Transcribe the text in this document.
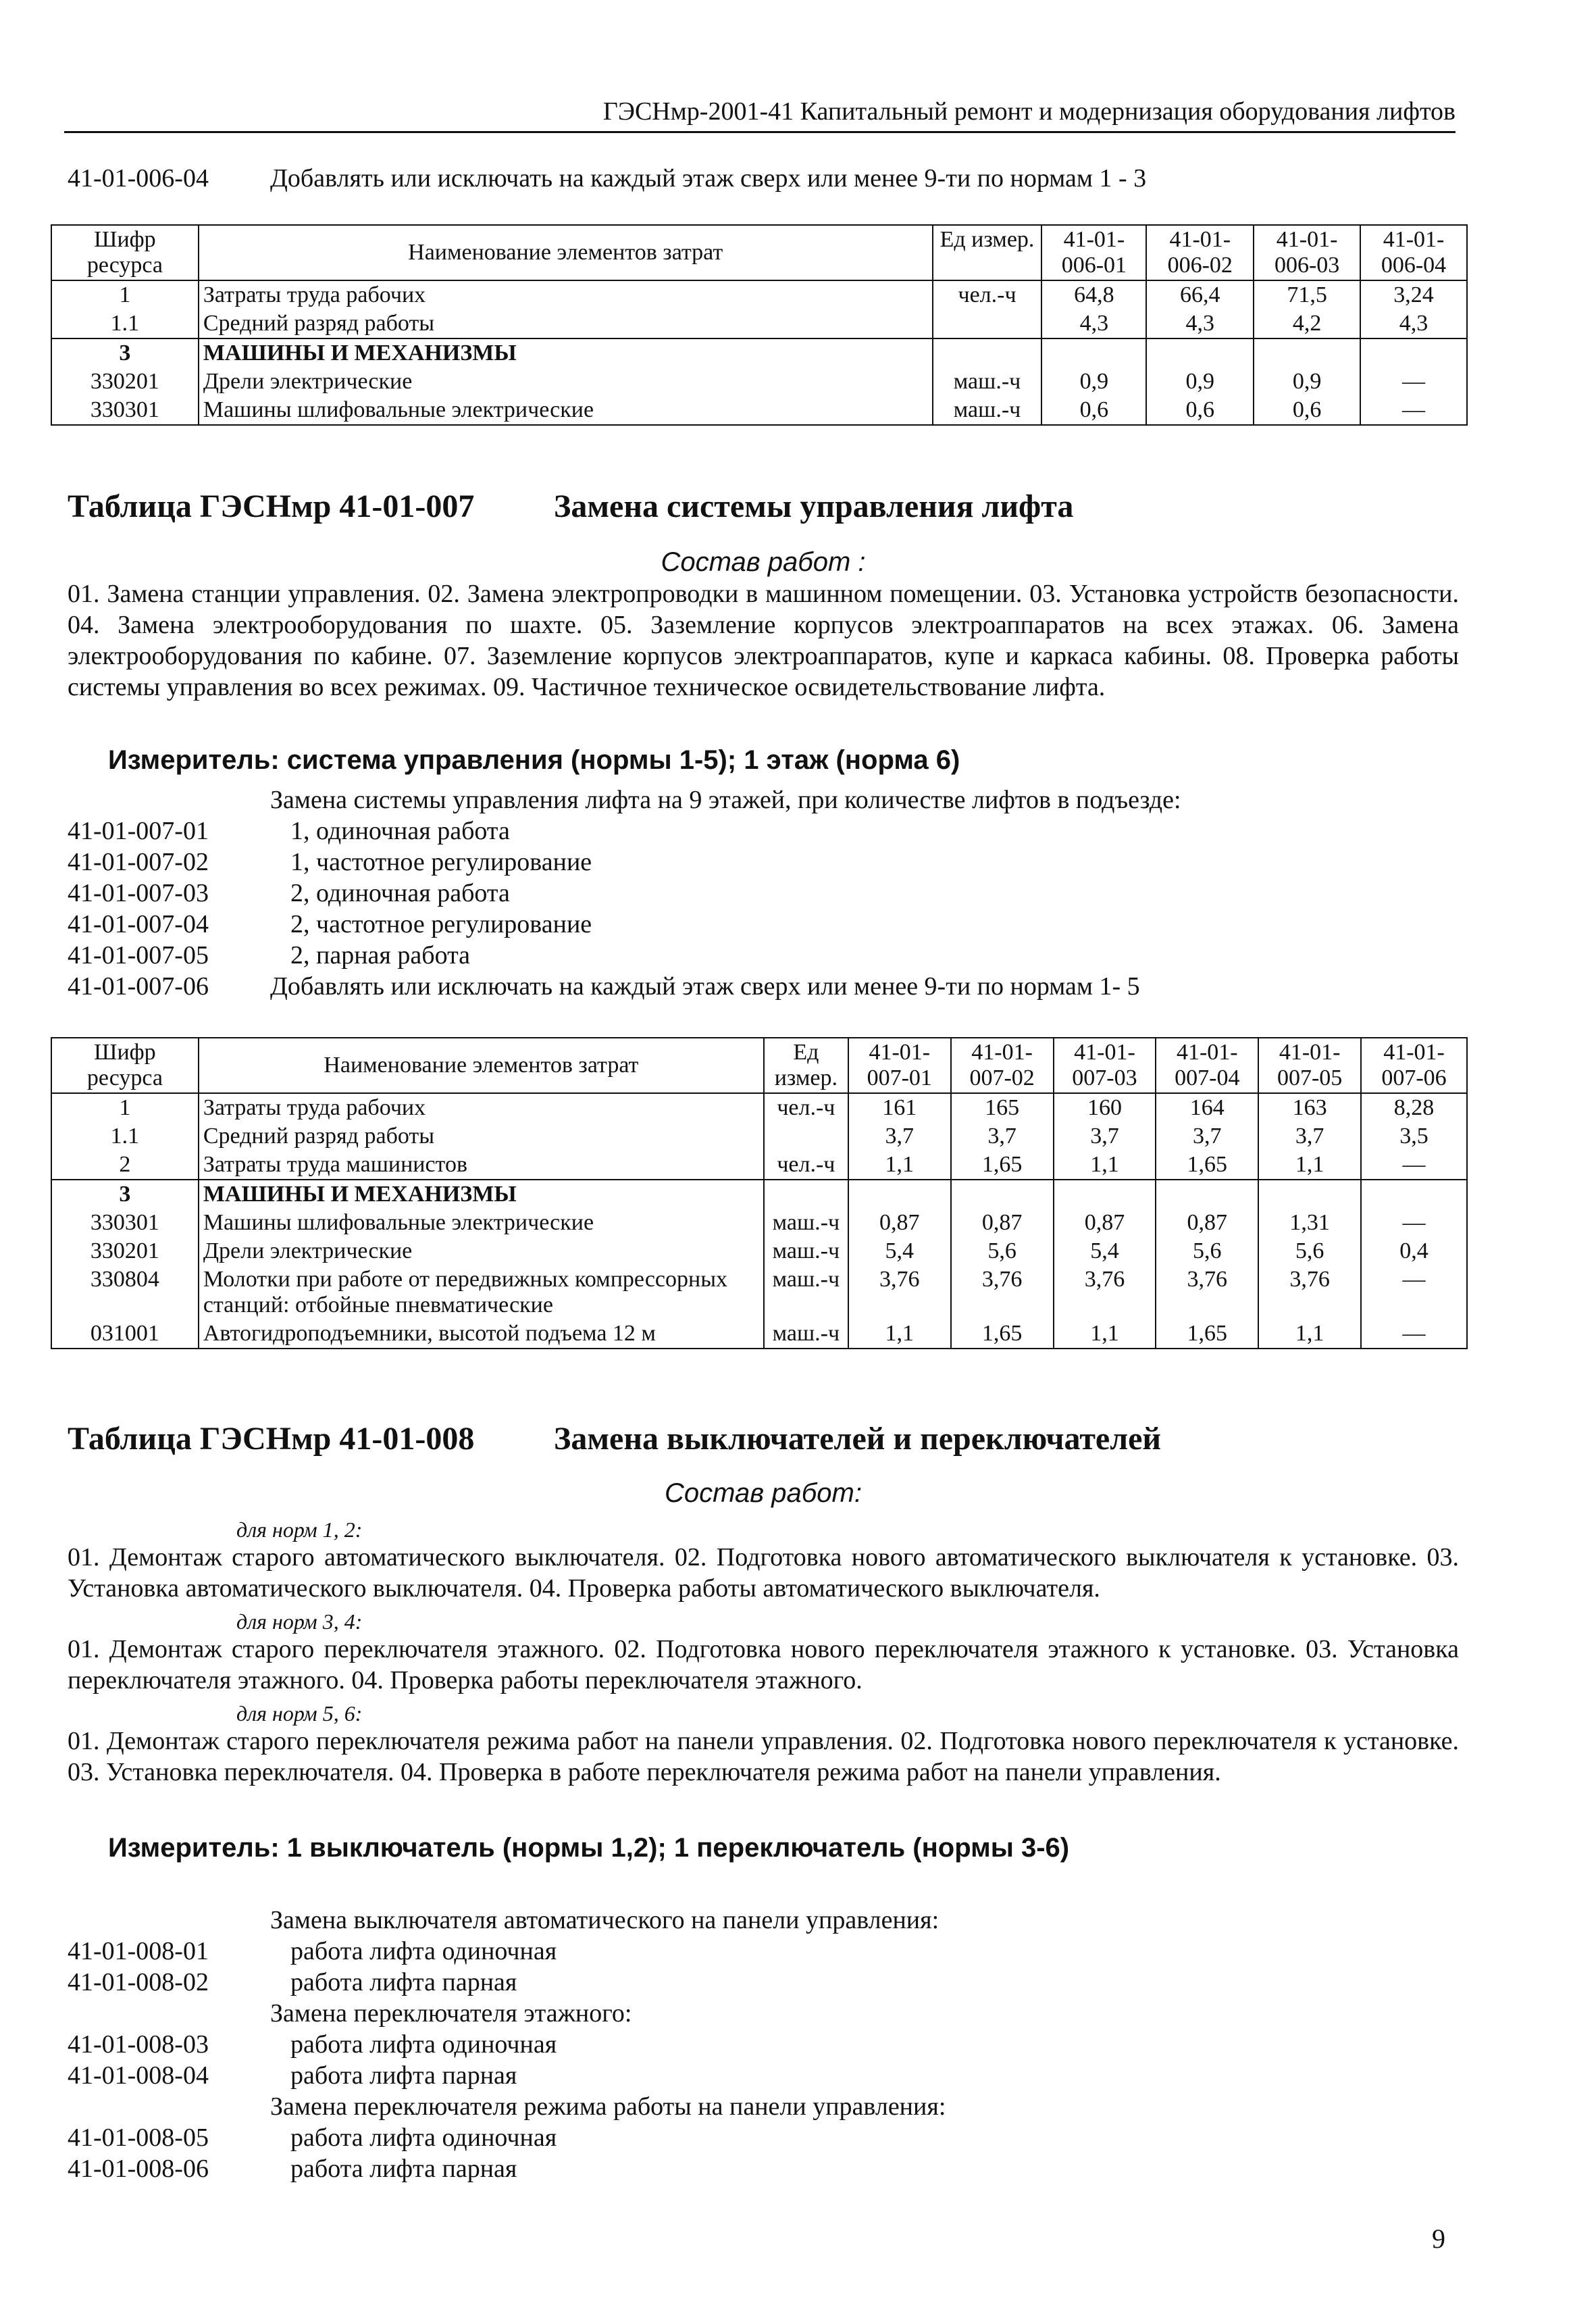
ГЭСНмр-2001-41 Капитальный ремонт и модернизация оборудования лифтов
41-01-006-04 Добавлять или исключать на каждый этаж сверх или менее 9-ти по нормам 1 - 3
Шифр ресурса	Наименование элементов затрат	Ед измер.	41-01- 006-01	41-01- 006-02	41-01- 006-03	41-01- 006-04
1	Затраты труда рабочих	чел.-ч	64,8	66,4	71,5	3,24
1.1	Средний разряд работы		4,3	4,3	4,2	4,3
3	МАШИНЫ И МЕХАНИЗМЫ					
330201	Дрели электрические	маш.-ч	0,9	0,9	0,9	—
330301	Машины шлифовальные электрические	маш.-ч	0,6	0,6	0,6	—
Таблица ГЭСНмр 41-01-007 Замена системы управления лифта
Состав работ :
01. Замена станции управления. 02. Замена электропроводки в машинном помещении. 03. Установка устройств безопасности. 04. Замена электрооборудования по шахте. 05. Заземление корпусов электроаппаратов на всех этажах. 06. Замена электрооборудования по кабине. 07. Заземление корпусов электроаппаратов, купе и каркаса кабины. 08. Проверка работы системы управления во всех режимах. 09. Частичное техническое освидетельствование лифта.
Измеритель: система управления (нормы 1-5); 1 этаж (норма 6)
Замена системы управления лифта на 9 этажей, при количестве лифтов в подъезде:
41-01-007-01	1, одиночная работа
41-01-007-02	1, частотное регулирование
41-01-007-03	2, одиночная работа
41-01-007-04	2, частотное регулирование
41-01-007-05	2, парная работа
41-01-007-06 Добавлять или исключать на каждый этаж сверх или менее 9-ти по нормам 1- 5
Шифр ресурса	Наименование элементов затрат	Ед измер.	41-01- 007-01	41-01- 007-02	41-01- 007-03	41-01- 007-04	41-01- 007-05	41-01- 007-06
1	Затраты труда рабочих	чел.-ч	161	165	160	164	163	8,28
1.1	Средний разряд работы		3,7	3,7	3,7	3,7	3,7	3,5
2	Затраты труда машинистов	чел.-ч	1,1	1,65	1,1	1,65	1,1	—
3	МАШИНЫ И МЕХАНИЗМЫ							
330301	Машины шлифовальные электрические	маш.-ч	0,87	0,87	0,87	0,87	1,31	—
330201	Дрели электрические	маш.-ч	5,4	5,6	5,4	5,6	5,6	0,4
330804	Молотки при работе от передвижных компрессорных станций: отбойные пневматические	маш.-ч	3,76	3,76	3,76	3,76	3,76	—
031001	Автогидроподъемники, высотой подъема 12 м	маш.-ч	1,1	1,65	1,1	1,65	1,1	—
Таблица ГЭСНмр 41-01-008 Замена выключателей и переключателей
Состав работ:
для норм 1, 2:
01. Демонтаж старого автоматического выключателя. 02. Подготовка нового автоматического выключателя к установке. 03. Установка автоматического выключателя. 04. Проверка работы автоматического выключателя.
для норм 3, 4:
01. Демонтаж старого переключателя этажного. 02. Подготовка нового переключателя этажного к установке. 03. Установка переключателя этажного. 04. Проверка работы переключателя этажного.
для норм 5, 6:
01. Демонтаж старого переключателя режима работ на панели управления. 02. Подготовка нового переключателя к установке. 03. Установка переключателя. 04. Проверка в работе переключателя режима работ на панели управления.
Измеритель: 1 выключатель (нормы 1,2); 1 переключатель (нормы 3-6)
Замена выключателя автоматического на панели управления:
41-01-008-01	работа лифта одиночная
41-01-008-02	работа лифта парная
Замена переключателя этажного:
41-01-008-03	работа лифта одиночная
41-01-008-04	работа лифта парная
Замена переключателя режима работы на панели управления:
41-01-008-05	работа лифта одиночная
41-01-008-06	работа лифта парная
9
